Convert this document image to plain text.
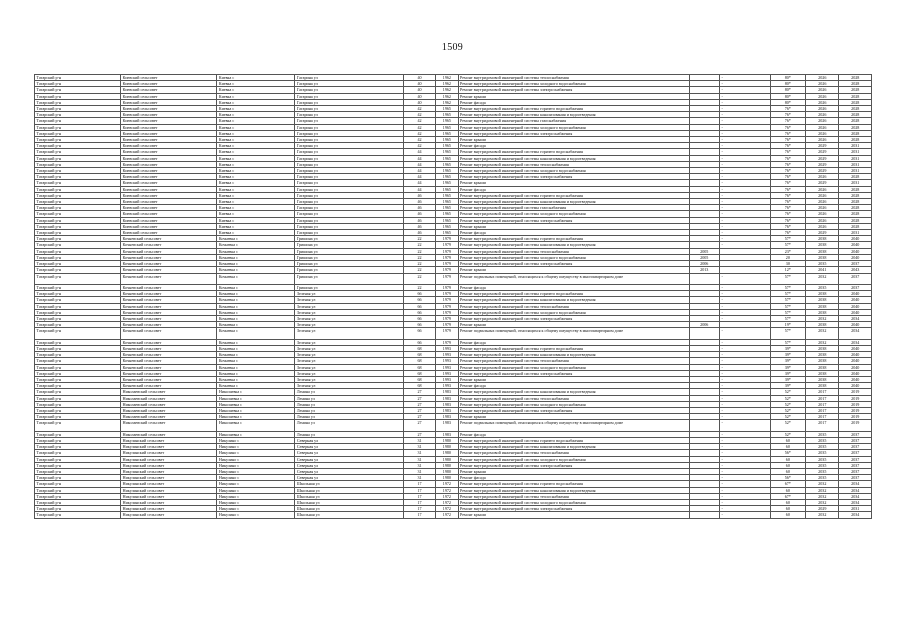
1509
Татарский р-н	Киевский сельсовет	Киевка с	Гагарина ул	40	1962	Ремонт внутридомовой инженерной системы теплоснабжения		-	80*	2026	2028
Татарский р-н	Киевский сельсовет	Киевка с	Гагарина ул	40	1962	Ремонт внутридомовой инженерной системы холодного водоснабжения		-	80*	2026	2028
Татарский р-н	Киевский сельсовет	Киевка с	Гагарина ул	40	1962	Ремонт внутридомовой инженерной системы электроснабжения		-	80*	2026	2028
Татарский р-н	Киевский сельсовет	Киевка с	Гагарина ул	40	1962	Ремонт крыши		-	80*	2026	2028
Татарский р-н	Киевский сельсовет	Киевка с	Гагарина ул	40	1962	Ремонт фасада		-	80*	2026	2028
Татарский р-н	Киевский сельсовет	Киевка с	Гагарина ул	42	1965	Ремонт внутридомовой инженерной системы горячего водоснабжения		-	76*	2026	2028
Татарский р-н	Киевский сельсовет	Киевка с	Гагарина ул	42	1965	Ремонт внутридомовой инженерной системы канализования и водоотведения		-	76*	2026	2028
Татарский р-н	Киевский сельсовет	Киевка с	Гагарина ул	42	1965	Ремонт внутридомовой инженерной системы газоснабжения		-	76*	2026	2028
Татарский р-н	Киевский сельсовет	Киевка с	Гагарина ул	42	1965	Ремонт внутридомовой инженерной системы холодного водоснабжения		-	76*	2026	2028
Татарский р-н	Киевский сельсовет	Киевка с	Гагарина ул	42	1965	Ремонт внутридомовой инженерной системы электроснабжения		-	76*	2026	2028
Татарский р-н	Киевский сельсовет	Киевка с	Гагарина ул	42	1965	Ремонт крыши		-	76*	2026	2028
Татарский р-н	Киевский сельсовет	Киевка с	Гагарина ул	42	1965	Ремонт фасада		-	76*	2029	2031
Татарский р-н	Киевский сельсовет	Киевка с	Гагарина ул	44	1965	Ремонт внутридомовой инженерной системы горячего водоснабжения		-	76*	2029	2031
Татарский р-н	Киевский сельсовет	Киевка с	Гагарина ул	44	1965	Ремонт внутридомовой инженерной системы канализования и водоотведения		-	76*	2029	2031
Татарский р-н	Киевский сельсовет	Киевка с	Гагарина ул	44	1965	Ремонт внутридомовой инженерной системы теплоснабжения		-	76*	2029	2031
Татарский р-н	Киевский сельсовет	Киевка с	Гагарина ул	44	1965	Ремонт внутридомовой инженерной системы холодного водоснабжения		-	76*	2029	2031
Татарский р-н	Киевский сельсовет	Киевка с	Гагарина ул	44	1965	Ремонт внутридомовой инженерной системы электроснабжения		-	76*	2026	2028
Татарский р-н	Киевский сельсовет	Киевка с	Гагарина ул	44	1965	Ремонт крыши		-	76*	2029	2031
Татарский р-н	Киевский сельсовет	Киевка с	Гагарина ул	44	1965	Ремонт фасада		-	76*	2026	2028
Татарский р-н	Киевский сельсовет	Киевка с	Гагарина ул	46	1965	Ремонт внутридомовой инженерной системы горячего водоснабжения		-	76*	2026	2028
Татарский р-н	Киевский сельсовет	Киевка с	Гагарина ул	46	1965	Ремонт внутридомовой инженерной системы канализования и водоотведения		-	76*	2026	2028
Татарский р-н	Киевский сельсовет	Киевка с	Гагарина ул	46	1965	Ремонт внутридомовой инженерной системы газоснабжения		-	76*	2026	2028
Татарский р-н	Киевский сельсовет	Киевка с	Гагарина ул	46	1965	Ремонт внутридомовой инженерной системы холодного водоснабжения		-	76*	2026	2028
Татарский р-н	Киевский сельсовет	Киевка с	Гагарина ул	46	1965	Ремонт внутридомовой инженерной системы электроснабжения		-	76*	2026	2028
Татарский р-н	Киевский сельсовет	Киевка с	Гагарина ул	46	1965	Ремонт крыши		-	76*	2026	2028
Татарский р-н	Киевский сельсовет	Киевка с	Гагарина ул	46	1965	Ремонт фасада		-	76*	2029	2031
Татарский р-н	Кочневский сельсовет	Кочневка с	Гришина ул	22	1979	Ремонт внутридомовой инженерной системы горячего водоснабжения		-	57*	2038	2040
Татарский р-н	Кочневский сельсовет	Кочневка с	Гришина ул	22	1979	Ремонт внутридомовой инженерной системы канализования и водоотведения		-	57*	2038	2040
Татарский р-н	Кочневский сельсовет	Кочневка с	Гришина ул	22	1979	Ремонт внутридомовой инженерной системы теплоснабжения	2005		23*	2038	2040
Татарский р-н	Кочневский сельсовет	Кочневка с	Гришина ул	22	1979	Ремонт внутридомовой инженерной системы холодного водоснабжения	2005		20	2038	2040
Татарский р-н	Кочневский сельсовет	Кочневка с	Гришина ул	22	1979	Ремонт внутридомовой инженерной системы электроснабжения	2006		30	2035	2037
Татарский р-н	Кочневский сельсовет	Кочневка с	Гришина ул	22	1979	Ремонт крыши	2013		12*	2041	2043
Татарский р-н	Кочневский сельсовет	Кочневка с	Гришина ул	22	1979	Ремонт подвальных помещений, относящихся к общему имуществу в многоквартирном доме		-	57*	2032	2037
Татарский р-н	Кочневский сельсовет	Кочневка с	Гришина ул	22	1979	Ремонт фасада		-	57*	2035	2037
Татарский р-н	Кочневский сельсовет	Кочневка с	Зеленая ул	66	1979	Ремонт внутридомовой инженерной системы горячего водоснабжения		-	57*	2038	2040
Татарский р-н	Кочневский сельсовет	Кочневка с	Зеленая ул	66	1979	Ремонт внутридомовой инженерной системы канализования и водоотведения		-	57*	2038	2040
Татарский р-н	Кочневский сельсовет	Кочневка с	Зеленая ул	66	1979	Ремонт внутридомовой инженерной системы теплоснабжения		-	57*	2038	2040
Татарский р-н	Кочневский сельсовет	Кочневка с	Зеленая ул	66	1979	Ремонт внутридомовой инженерной системы холодного водоснабжения		-	57*	2038	2040
Татарский р-н	Кочневский сельсовет	Кочневка с	Зеленая ул	66	1979	Ремонт внутридомовой инженерной системы электроснабжения		-	57*	2032	2034
Татарский р-н	Кочневский сельсовет	Кочневка с	Зеленая ул	66	1979	Ремонт крыши	2006		19*	2038	2040
Татарский р-н	Кочневский сельсовет	Кочневка с	Зеленая ул	66	1979	Ремонт подвальных помещений, относящихся к общему имуществу в многоквартирном доме		-	57*	2032	2034
Татарский р-н	Кочневский сельсовет	Кочневка с	Зеленая ул	66	1979	Ремонт фасада		-	57*	2032	2034
Татарский р-н	Кочневский сельсовет	Кочневка с	Зеленая ул	68	1993	Ремонт внутридомовой инженерной системы горячего водоснабжения		-	39*	2038	2040
Татарский р-н	Кочневский сельсовет	Кочневка с	Зеленая ул	68	1993	Ремонт внутридомовой инженерной системы канализования и водоотведения		-	39*	2038	2040
Татарский р-н	Кочневский сельсовет	Кочневка с	Зеленая ул	68	1993	Ремонт внутридомовой инженерной системы теплоснабжения		-	39*	2038	2040
Татарский р-н	Кочневский сельсовет	Кочневка с	Зеленая ул	68	1993	Ремонт внутридомовой инженерной системы холодного водоснабжения		-	39*	2038	2040
Татарский р-н	Кочневский сельсовет	Кочневка с	Зеленая ул	68	1993	Ремонт внутридомовой инженерной системы электроснабжения		-	39*	2038	2040
Татарский р-н	Кочневский сельсовет	Кочневка с	Зеленая ул	68	1993	Ремонт крыши		-	39*	2038	2040
Татарский р-н	Кочневский сельсовет	Кочневка с	Зеленая ул	68	1993	Ремонт фасада		-	39*	2038	2040
Татарский р-н	Николаевский сельсовет	Николаевка с	Ленина ул	27	1983	Ремонт внутридомовой инженерной системы канализования и водоотведения		-	52*	2017	2019
Татарский р-н	Николаевский сельсовет	Николаевка с	Ленина ул	27	1983	Ремонт внутридомовой инженерной системы теплоснабжения		-	52*	2017	2019
Татарский р-н	Николаевский сельсовет	Николаевка с	Ленина ул	27	1983	Ремонт внутридомовой инженерной системы холодного водоснабжения		-	52*	2017	2019
Татарский р-н	Николаевский сельсовет	Николаевка с	Ленина ул	27	1983	Ремонт внутридомовой инженерной системы электроснабжения		-	52*	2017	2019
Татарский р-н	Николаевский сельсовет	Николаевка с	Ленина ул	27	1983	Ремонт крыши		-	52*	2017	2019
Татарский р-н	Николаевский сельсовет	Николаевка с	Ленина ул	27	1983	Ремонт подвальных помещений, относящихся к общему имуществу в многоквартирном доме		-	52*	2017	2019
Татарский р-н	Николаевский сельсовет	Николаевка с	Ленина ул	27	1983	Ремонт фасада		-	52*	2035	2037
Татарский р-н	Никулинский сельсовет	Никулино с	Северная ул	31	1980	Ремонт внутридомовой инженерной системы горячего водоснабжения		-	60	2035	2037
Татарский р-н	Никулинский сельсовет	Никулино с	Северная ул	31	1980	Ремонт внутридомовой инженерной системы канализования и водоотведения		-	60	2035	2037
Татарский р-н	Никулинский сельсовет	Никулино с	Северная ул	31	1980	Ремонт внутридомовой инженерной системы теплоснабжения		-	56*	2035	2037
Татарский р-н	Никулинский сельсовет	Никулино с	Северная ул	31	1980	Ремонт внутридомовой инженерной системы холодного водоснабжения		-	60	2035	2037
Татарский р-н	Никулинский сельсовет	Никулино с	Северная ул	31	1980	Ремонт внутридомовой инженерной системы электроснабжения		-	60	2035	2037
Татарский р-н	Никулинский сельсовет	Никулино с	Северная ул	31	1980	Ремонт крыши		-	60	2035	2037
Татарский р-н	Никулинский сельсовет	Никулино с	Северная ул	31	1980	Ремонт фасада		-	56*	2035	2037
Татарский р-н	Никулинский сельсовет	Никулино с	Школьная ул	17	1972	Ремонт внутридомовой инженерной системы горячего водоснабжения		-	67*	2032	2034
Татарский р-н	Никулинский сельсовет	Никулино с	Школьная ул	17	1972	Ремонт внутридомовой инженерной системы канализования и водоотведения		-	60	2032	2034
Татарский р-н	Никулинский сельсовет	Никулино с	Школьная ул	17	1972	Ремонт внутридомовой инженерной системы теплоснабжения		-	67*	2032	2034
Татарский р-н	Никулинский сельсовет	Никулино с	Школьная ул	17	1972	Ремонт внутридомовой инженерной системы холодного водоснабжения		-	60	2032	2034
Татарский р-н	Никулинский сельсовет	Никулино с	Школьная ул	17	1972	Ремонт внутридомовой инженерной системы электроснабжения		-	60	2029	2031
Татарский р-н	Никулинский сельсовет	Никулино с	Школьная ул	17	1972	Ремонт крыши		-	60	2032	2034
